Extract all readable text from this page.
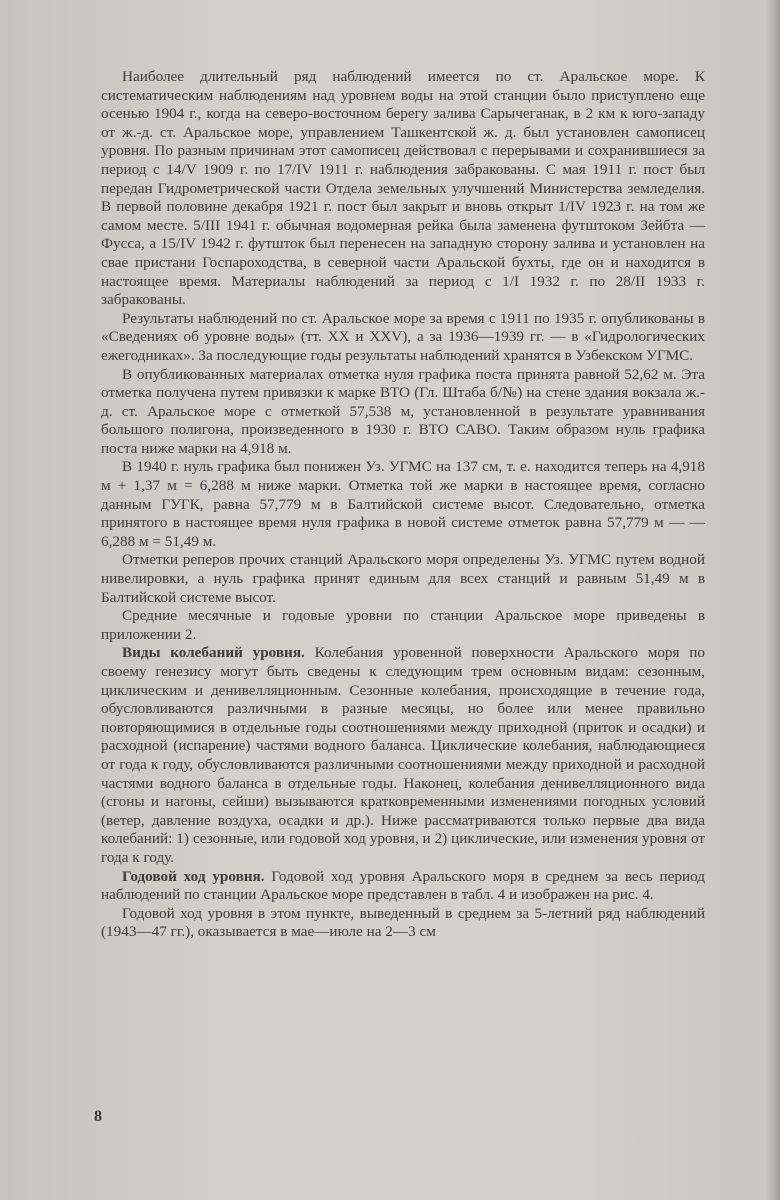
Наиболее длительный ряд наблюдений имеется по ст. Аральское море. К систематическим наблюдениям над уровнем воды на этой станции было приступлено еще осенью 1904 г., когда на северо-восточном берегу залива Сарычеганак, в 2 км к юго-западу от ж.-д. ст. Аральское море, управлением Ташкентской ж. д. был установлен самописец уровня. По разным причинам этот самописец действовал с перерывами и сохранившиеся за период с 14/V 1909 г. по 17/IV 1911 г. наблюдения забракованы. С мая 1911 г. пост был передан Гидрометрической части Отдела земельных улучшений Министерства земледелия. В первой половине декабря 1921 г. пост был закрыт и вновь открыт 1/IV 1923 г. на том же самом месте. 5/III 1941 г. обычная водомерная рейка была заменена футштоком Зейбта — Фусса, а 15/IV 1942 г. футшток был перенесен на западную сторону залива и установлен на сваe пристани Госпароходства, в северной части Аральской бухты, где он и находится в настоящее время. Материалы наблюдений за период с 1/I 1932 г. по 28/II 1933 г. забракованы.

Результаты наблюдений по ст. Аральское море за время с 1911 по 1935 г. опубликованы в «Сведениях об уровне воды» (тт. XX и XXV), а за 1936—1939 гг. — в «Гидрологических ежегодниках». За последующие годы результаты наблюдений хранятся в Узбекском УГМС.

В опубликованных материалах отметка нуля графика поста принята равной 52,62 м. Эта отметка получена путем привязки к марке ВТО (Гл. Штаба б/№) на стене здания вокзала ж.-д. ст. Аральское море с отметкой 57,538 м, установленной в результате уравнивания большого полигона, произведенного в 1930 г. ВТО САВО. Таким образом нуль графика поста ниже марки на 4,918 м.

В 1940 г. нуль графика был понижен Уз. УГМС на 137 см, т. е. находится теперь на 4,918 м + 1,37 м = 6,288 м ниже марки. Отметка той же марки в настоящее время, согласно данным ГУГК, равна 57,779 м в Балтийской системе высот. Следовательно, отметка принятого в настоящее время нуля графика в новой системе отметок равна 57,779 м — — 6,288 м = 51,49 м.

Отметки реперов прочих станций Аральского моря определены Уз. УГМС путем водной нивелировки, а нуль графика принят единым для всех станций и равным 51,49 м в Балтийской системе высот.

Средние месячные и годовые уровни по станции Аральское море приведены в приложении 2.

Виды колебаний уровня. Колебания уровенной поверхности Аральского моря по своему генезису могут быть сведены к следующим трем основным видам: сезонным, циклическим и денивелляционным. Сезонные колебания, происходящие в течение года, обусловливаются различными в разные месяцы, но более или менее правильно повторяющимися в отдельные годы соотношениями между приходной (приток и осадки) и расходной (испарение) частями водного баланса. Циклические колебания, наблюдающиеся от года к году, обусловливаются различными соотношениями между приходной и расходной частями водного баланса в отдельные годы. Наконец, колебания денивелляционного вида (сгоны и нагоны, сейши) вызываются кратковременными изменениями погодных условий (ветер, давление воздуха, осадки и др.). Ниже рассматриваются только первые два вида колебаний: 1) сезонные, или годовой ход уровня, и 2) циклические, или изменения уровня от года к году.

Годовой ход уровня. Годовой ход уровня Аральского моря в среднем за весь период наблюдений по станции Аральское море представлен в табл. 4 и изображен на рис. 4.

Годовой ход уровня в этом пункте, выведенный в среднем за 5-летний ряд наблюдений (1943—47 гг.), оказывается в мае—июле на 2—3 см

8
